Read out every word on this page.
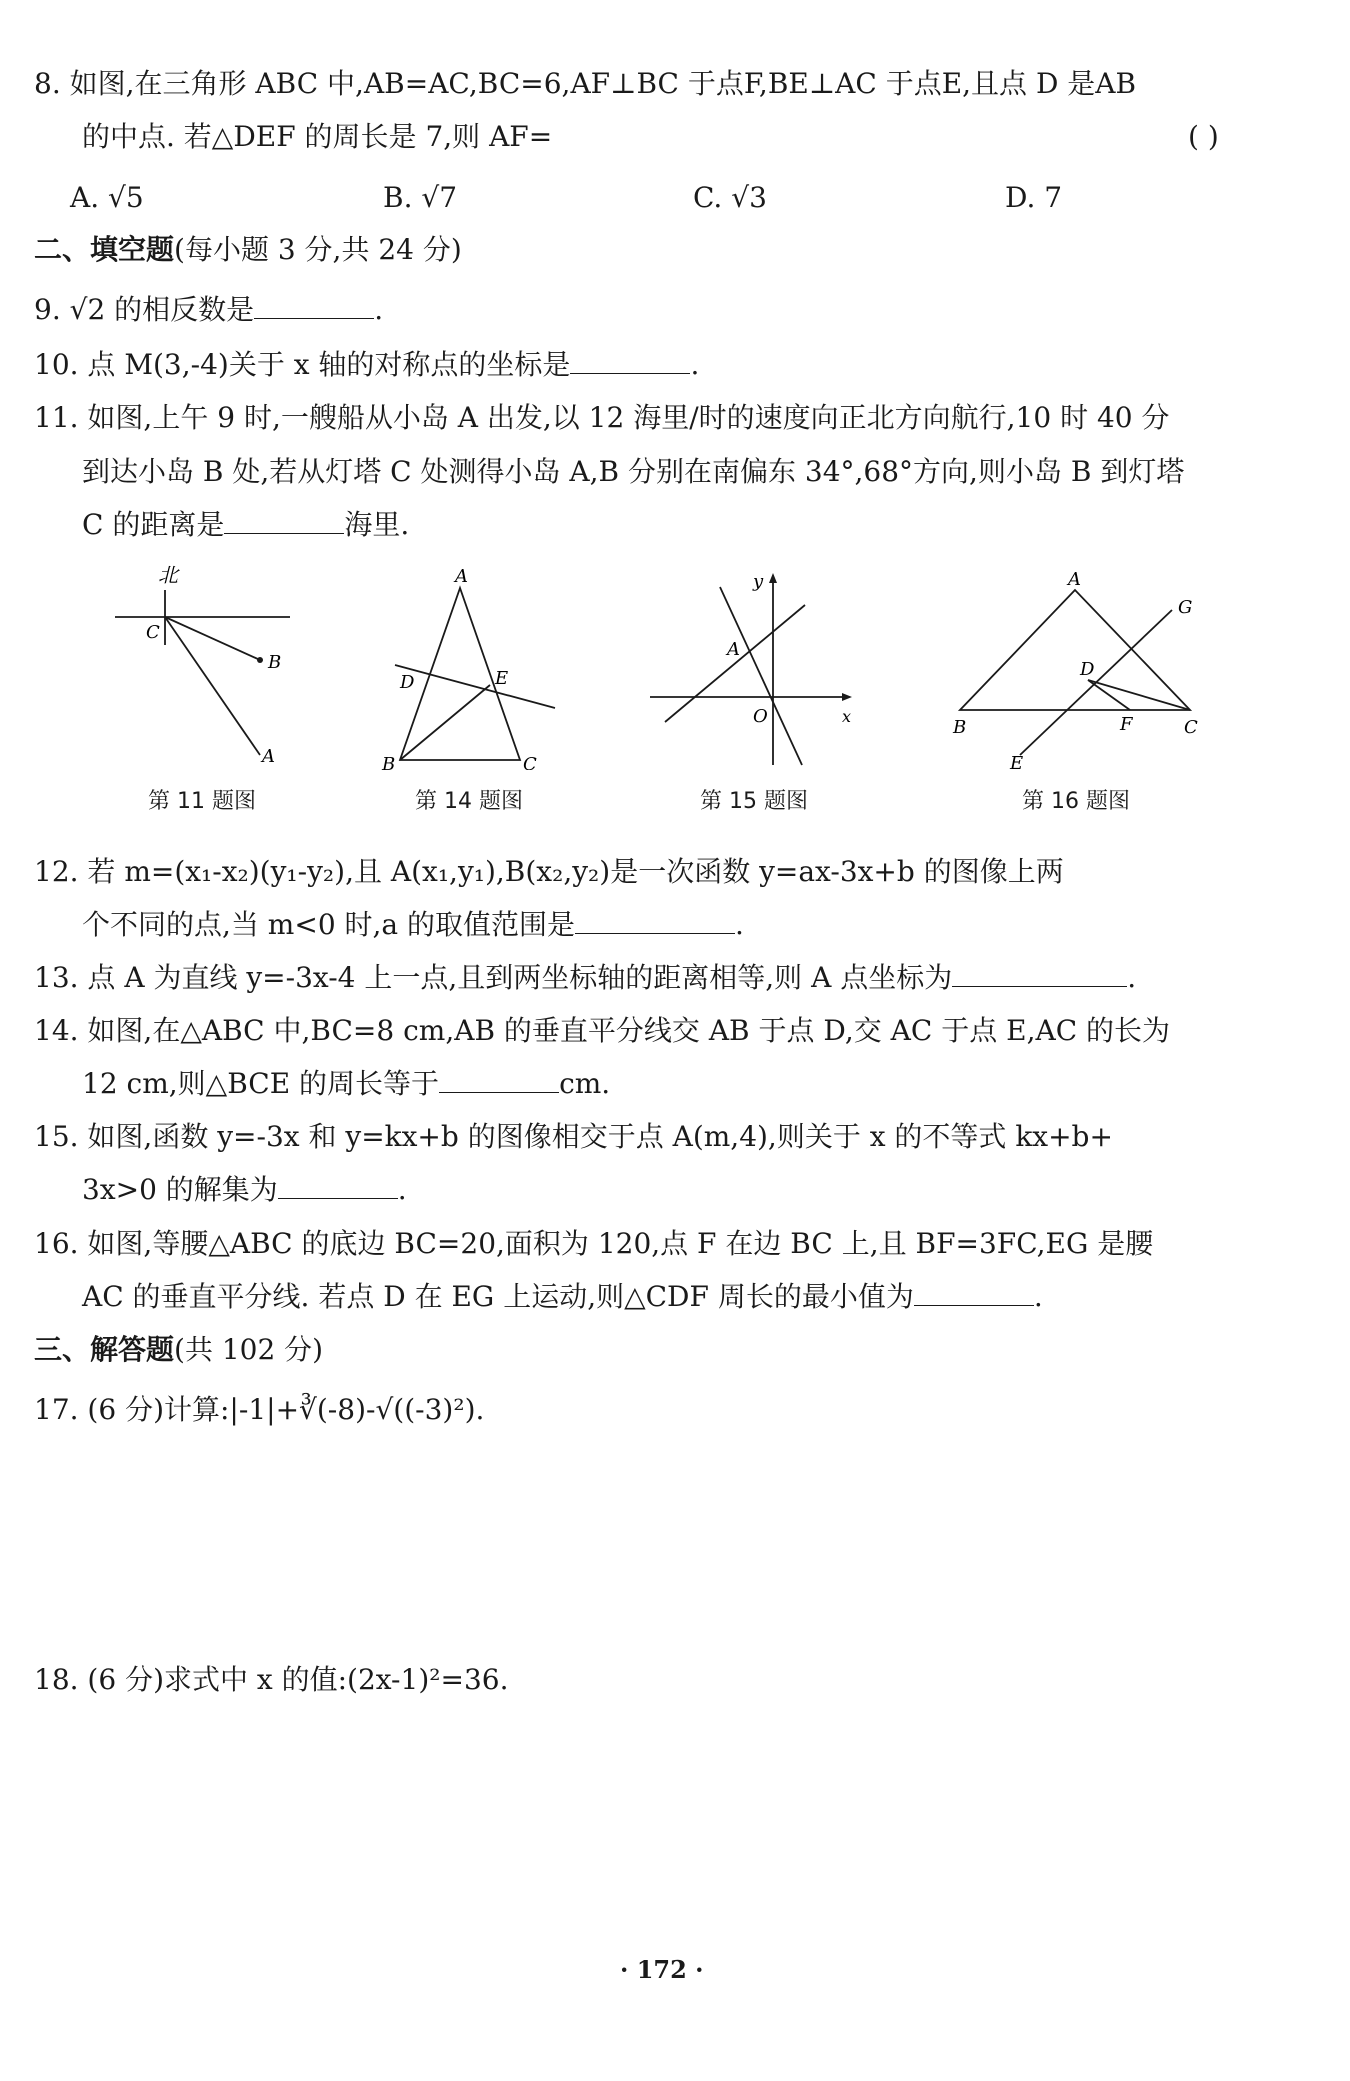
8. 如图,在三角形 ABC 中,AB=AC,BC=6,AF⊥BC 于点F,BE⊥AC 于点E,且点 D 是AB
的中点. 若△DEF 的周长是 7,则 AF=	( )
A. √5	B. √7	C. √3	D. 7
二、填空题(每小题 3 分,共 24 分)
9. √2 的相反数是	.
10. 点 M(3,-4)关于 x 轴的对称点的坐标是	.
11. 如图,上午 9 时,一艘船从小岛 A 出发,以 12 海里/时的速度向正北方向航行,10 时 40 分
到达小岛 B 处,若从灯塔 C 处测得小岛 A,B 分别在南偏东 34°,68°方向,则小岛 B 到灯塔
C 的距离是	海里.
北
C
B
A
第 11 题图
A
B	C
D	E
第 14 题图
y
x
O
A
第 15 题图
A
B	C
D
E
F
G
第 16 题图
12. 若 m=(x₁-x₂)(y₁-y₂),且 A(x₁,y₁),B(x₂,y₂)是一次函数 y=ax-3x+b 的图像上两
个不同的点,当 m<0 时,a 的取值范围是	.
13. 点 A 为直线 y=-3x-4 上一点,且到两坐标轴的距离相等,则 A 点坐标为	.
14. 如图,在△ABC 中,BC=8 cm,AB 的垂直平分线交 AB 于点 D,交 AC 于点 E,AC 的长为
12 cm,则△BCE 的周长等于	cm.
15. 如图,函数 y=-3x 和 y=kx+b 的图像相交于点 A(m,4),则关于 x 的不等式 kx+b+
3x>0 的解集为	.
16. 如图,等腰△ABC 的底边 BC=20,面积为 120,点 F 在边 BC 上,且 BF=3FC,EG 是腰
AC 的垂直平分线. 若点 D 在 EG 上运动,则△CDF 周长的最小值为	.
三、解答题(共 102 分)
17. (6 分)计算:|-1|+∛(-8)-√((-3)²).
18. (6 分)求式中 x 的值:(2x-1)²=36.
· 172 ·
